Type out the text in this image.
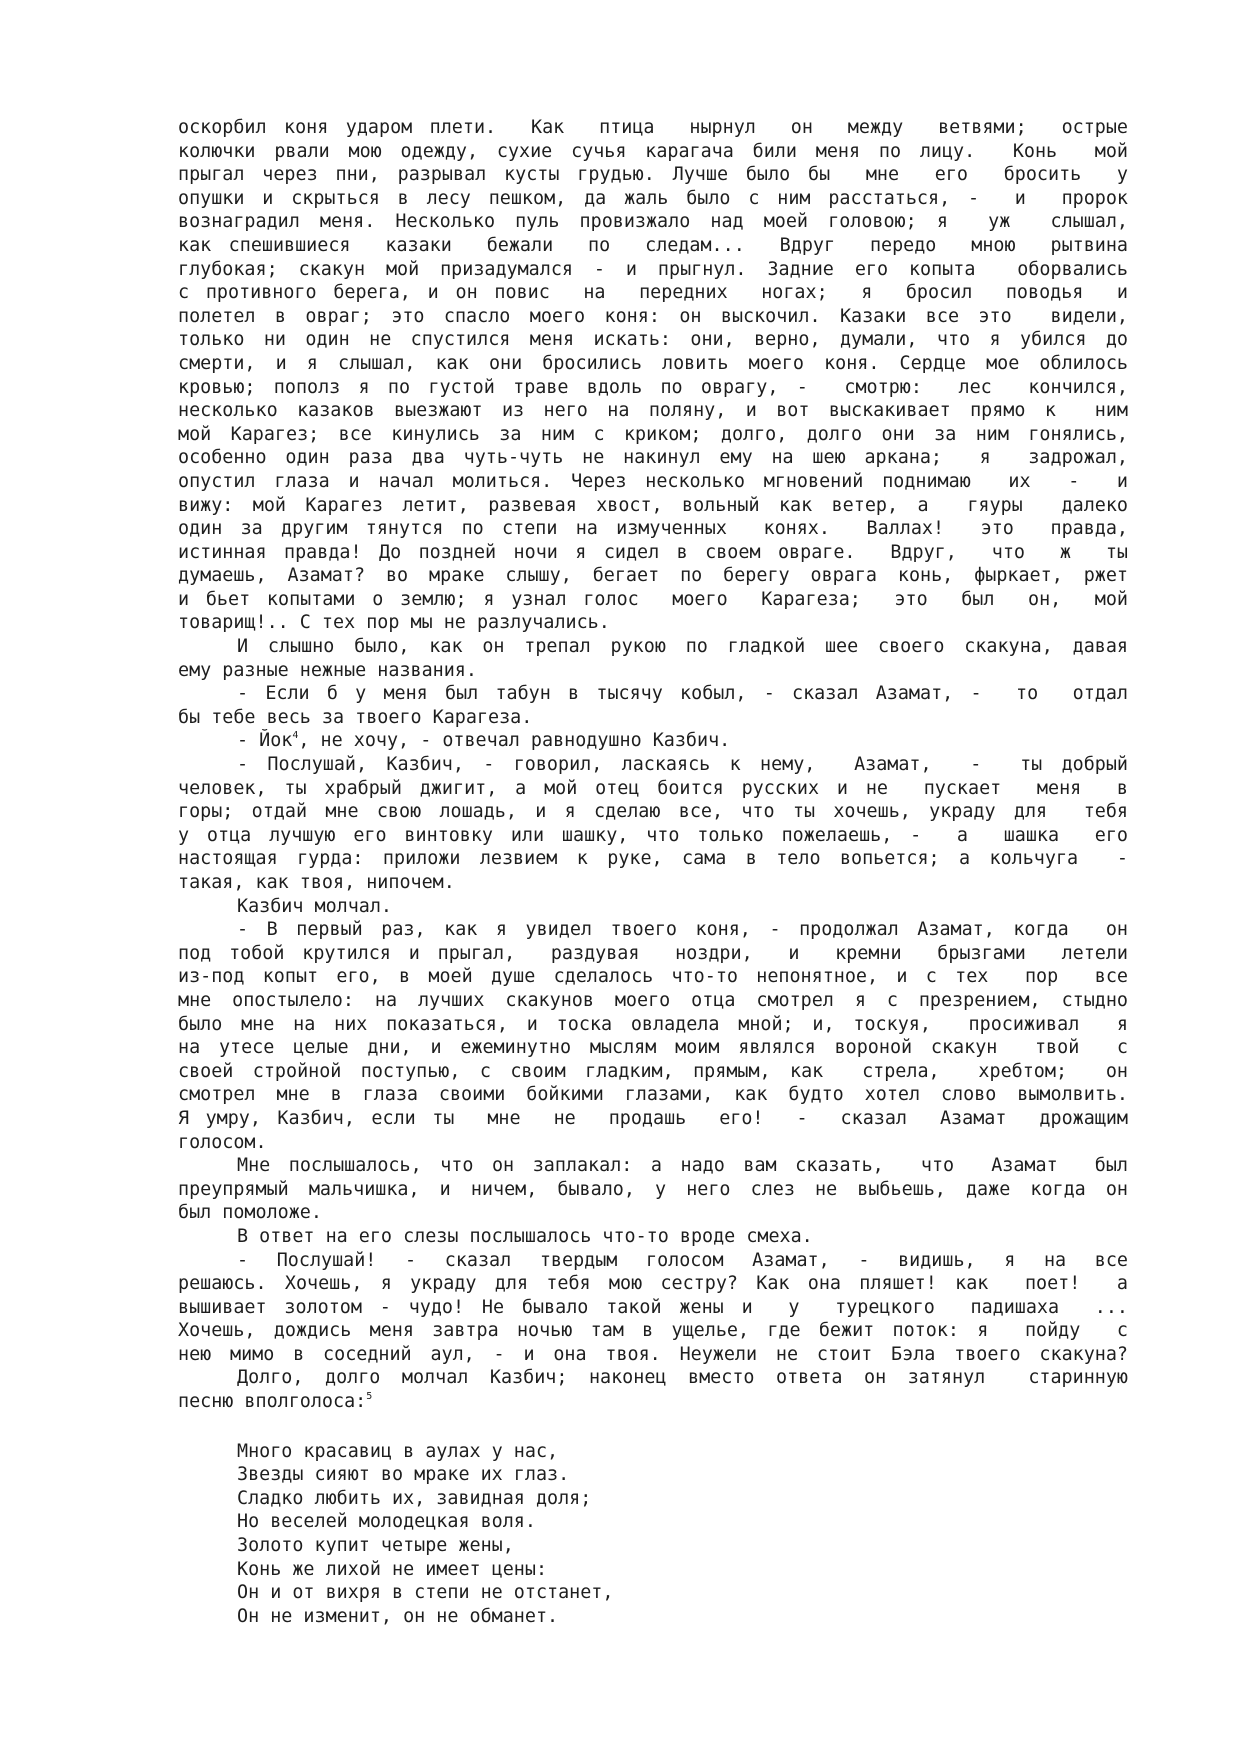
оскорбил коня ударом плети.  Как  птица  нырнул  он  между  ветвями;  острые
колючки рвали мою одежду, сухие сучья карагача били меня по лицу.  Конь  мой
прыгал через пни, разрывал кусты грудью. Лучше было бы  мне  его  бросить  у
опушки и скрыться в лесу пешком, да жаль было с ним расстаться, -  и  пророк
вознаградил меня. Несколько пуль провизжало над моей головою; я  уж  слышал,
как спешившиеся  казаки  бежали  по  следам...  Вдруг  передо  мною  рытвина
глубокая; скакун мой призадумался - и прыгнул. Задние его копыта  оборвались
с противного берега, и он повис  на  передних  ногах;  я  бросил  поводья  и
полетел в овраг; это спасло моего коня: он выскочил. Казаки все это  видели,
только ни один не спустился меня искать: они, верно, думали, что я убился до
смерти, и я слышал, как они бросились ловить моего коня. Сердце мое облилось
кровью; пополз я по густой траве вдоль по оврагу, -  смотрю:  лес  кончился,
несколько казаков выезжают из него на поляну, и вот выскакивает прямо к  ним
мой Карагез; все кинулись за ним с криком; долго, долго они за ним гонялись,
особенно один раза два чуть-чуть не накинул ему на шею аркана;  я  задрожал,
опустил глаза и начал молиться. Через несколько мгновений поднимаю  их  -  и
вижу: мой Карагез летит, развевая хвост, вольный как ветер, а  гяуры  далеко
один за другим тянутся по степи на измученных  конях.  Валлах!  это  правда,
истинная правда! До поздней ночи я сидел в своем овраге.  Вдруг,  что  ж  ты
думаешь, Азамат? во мраке слышу, бегает по берегу оврага конь, фыркает, ржет
и бьет копытами о землю; я узнал голос  моего  Карагеза;  это  был  он,  мой
товарищ!.. С тех пор мы не разлучались.
И слышно было, как он трепал рукою по гладкой шее своего скакуна, давая
ему разные нежные названия.
- Если б у меня был табун в тысячу кобыл, - сказал Азамат, -  то  отдал
бы тебе весь за твоего Карагеза.
- Йок$^4$, не хочу, - отвечал равнодушно Казбич.
- Послушай, Казбич, - говорил, ласкаясь к нему,  Азамат,  -  ты добрый
человек, ты храбрый джигит, а мой отец боится русских и не  пускает  меня  в
горы; отдай мне свою лошадь, и я сделаю все, что ты хочешь, украду для  тебя
у отца лучшую его винтовку или шашку, что только пожелаешь, -  а  шашка  его
настоящая гурда: приложи лезвием к руке, сама в тело вопьется; а кольчуга  -
такая, как твоя, нипочем.
Казбич молчал.
- В первый раз, как я увидел твоего коня, - продолжал Азамат, когда  он
под тобой крутился и прыгал,  раздувая  ноздри,  и  кремни  брызгами  летели
из-под копыт его, в моей душе сделалось что-то непонятное, и с тех  пор  все
мне опостылело: на лучших скакунов моего отца смотрел я с презрением, стыдно
было мне на них показаться, и тоска овладела мной; и, тоскуя,  просиживал  я
на утесе целые дни, и ежеминутно мыслям моим являлся вороной скакун  твой  с
своей стройной поступью, с своим гладким, прямым, как  стрела,  хребтом;  он
смотрел мне в глаза своими бойкими глазами, как будто хотел слово вымолвить.
Я умру, Казбич, если ты  мне  не  продашь  его!  -  сказал  Азамат  дрожащим
голосом.
Мне послышалось, что он заплакал: а надо вам сказать,  что  Азамат  был
преупрямый мальчишка, и ничем, бывало, у него слез не выбьешь, даже когда он
был помоложе.
В ответ на его слезы послышалось что-то вроде смеха.
- Послушай! - сказал твердым голосом Азамат, - видишь, я на все
решаюсь. Хочешь, я украду для тебя мою сестру? Как она пляшет! как  поет!  а
вышивает золотом - чудо! Не бывало такой жены и  у  турецкого  падишаха  ...
Хочешь, дождись меня завтра ночью там в ущелье, где бежит поток: я  пойду  с
нею мимо в соседний аул, - и она твоя. Неужели не стоит Бэла твоего скакуна?
Долго, долго молчал Казбич; наконец вместо ответа он затянул  старинную
песню вполголоса:$^5$
Много красавиц в аулах у нас,
Звезды сияют во мраке их глаз.
Сладко любить их, завидная доля;
Но веселей молодецкая воля.
Золото купит четыре жены,
Конь же лихой не имеет цены:
Он и от вихря в степи не отстанет,
Он не изменит, он не обманет.
